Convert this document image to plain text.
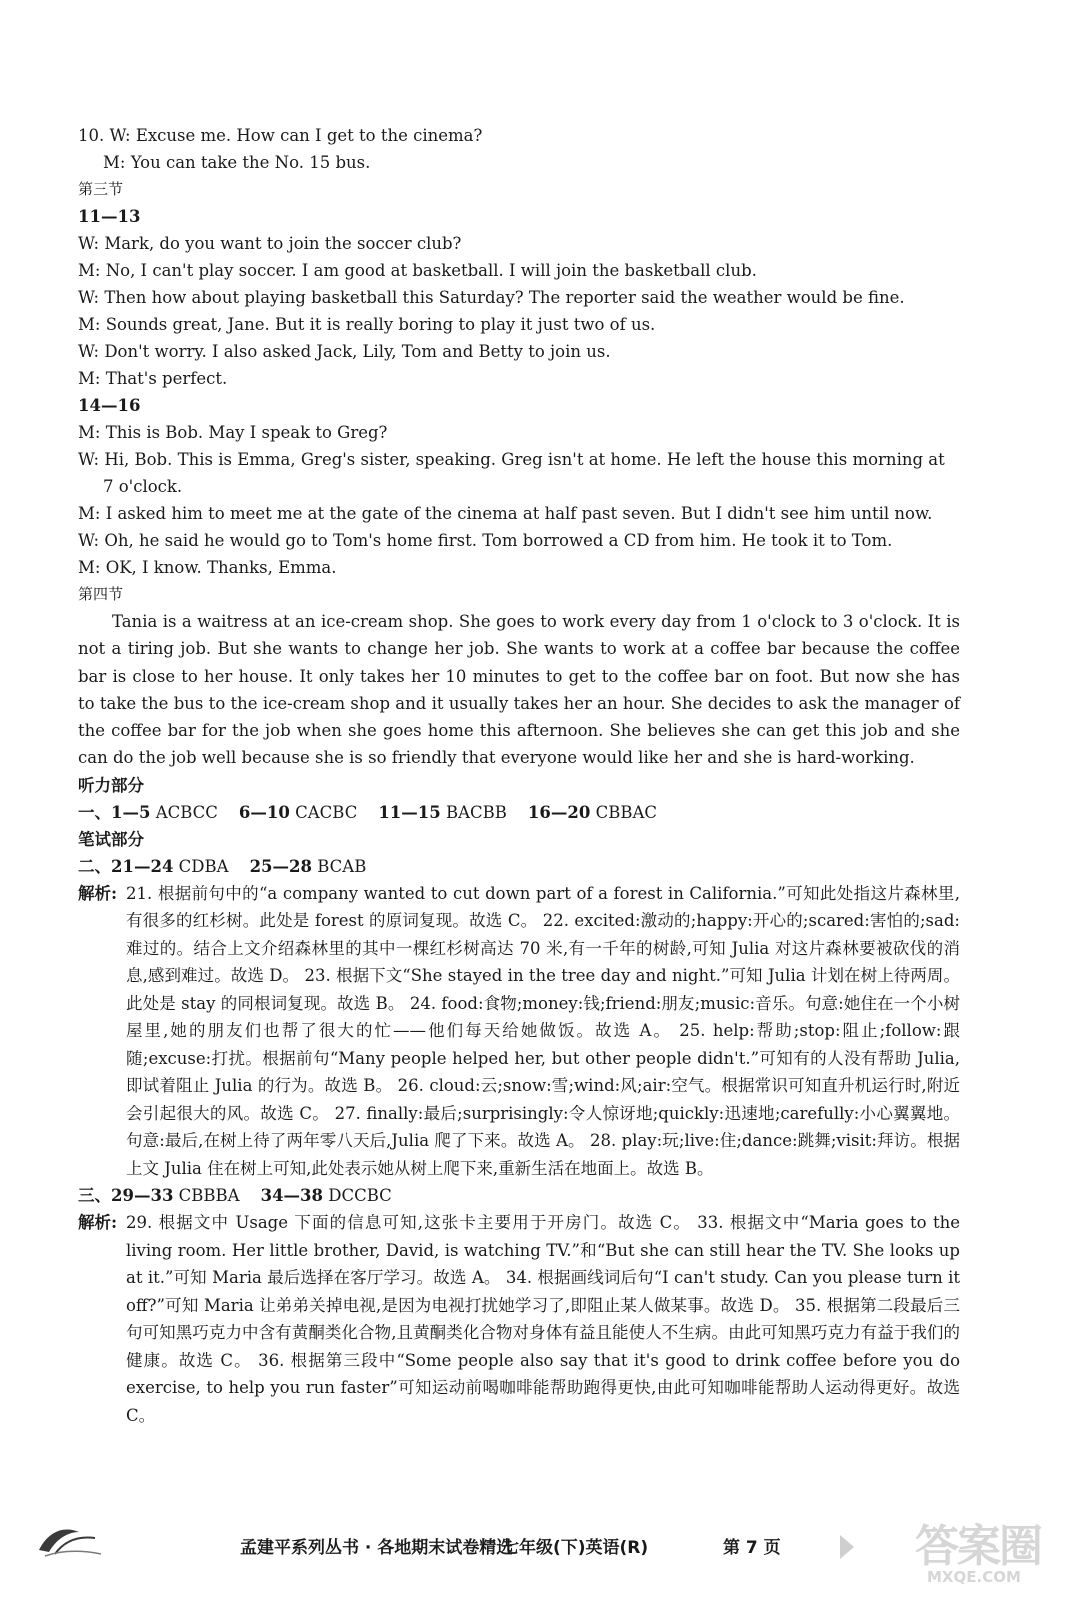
10. W: Excuse me. How can I get to the cinema?

M: You can take the No. 15 bus.

第三节

11—13

W: Mark, do you want to join the soccer club?

M: No, I can't play soccer. I am good at basketball. I will join the basketball club.

W: Then how about playing basketball this Saturday? The reporter said the weather would be fine.

M: Sounds great, Jane. But it is really boring to play it just two of us.

W: Don't worry. I also asked Jack, Lily, Tom and Betty to join us.

M: That's perfect.

14—16

M: This is Bob. May I speak to Greg?

W: Hi, Bob. This is Emma, Greg's sister, speaking. Greg isn't at home. He left the house this morning at

7 o'clock.

M: I asked him to meet me at the gate of the cinema at half past seven. But I didn't see him until now.

W: Oh, he said he would go to Tom's home first. Tom borrowed a CD from him. He took it to Tom.

M: OK, I know. Thanks, Emma.

第四节

Tania is a waitress at an ice-cream shop. She goes to work every day from 1 o'clock to 3 o'clock. It is not a tiring job. But she wants to change her job. She wants to work at a coffee bar because the coffee bar is close to her house. It only takes her 10 minutes to get to the coffee bar on foot. But now she has to take the bus to the ice-cream shop and it usually takes her an hour. She decides to ask the manager of the coffee bar for the job when she goes home this afternoon. She believes she can get this job and she can do the job well because she is so friendly that everyone would like her and she is hard-working.

听力部分

一、1—5 ACBCC 6—10 CACBC 11—15 BACBB 16—20 CBBAC

笔试部分

二、21—24 CDBA 25—28 BCAB

解析: 21. 根据前句中的“a company wanted to cut down part of a forest in California.”可知此处指这片森林里,有很多的红杉树。此处是 forest 的原词复现。故选 C。 22. excited:激动的;happy:开心的;scared:害怕的;sad:难过的。结合上文介绍森林里的其中一棵红杉树高达 70 米,有一千年的树龄,可知 Julia 对这片森林要被砍伐的消息,感到难过。故选 D。 23. 根据下文“She stayed in the tree day and night.”可知 Julia 计划在树上待两周。此处是 stay 的同根词复现。故选 B。 24. food:食物;money:钱;friend:朋友;music:音乐。句意:她住在一个小树屋里,她的朋友们也帮了很大的忙——他们每天给她做饭。故选 A。 25. help:帮助;stop:阻止;follow:跟随;excuse:打扰。根据前句“Many people helped her, but other people didn't.”可知有的人没有帮助 Julia,即试着阻止 Julia 的行为。故选 B。 26. cloud:云;snow:雪;wind:风;air:空气。根据常识可知直升机运行时,附近会引起很大的风。故选 C。 27. finally:最后;surprisingly:令人惊讶地;quickly:迅速地;carefully:小心翼翼地。句意:最后,在树上待了两年零八天后,Julia 爬了下来。故选 A。 28. play:玩;live:住;dance:跳舞;visit:拜访。根据上文 Julia 住在树上可知,此处表示她从树上爬下来,重新生活在地面上。故选 B。

三、29—33 CBBBA 34—38 DCCBC

解析: 29. 根据文中 Usage 下面的信息可知,这张卡主要用于开房门。故选 C。 33. 根据文中“Maria goes to the living room. Her little brother, David, is watching TV.”和“But she can still hear the TV. She looks up at it.”可知 Maria 最后选择在客厅学习。故选 A。 34. 根据画线词后句“I can't study. Can you please turn it off?”可知 Maria 让弟弟关掉电视,是因为电视打扰她学习了,即阻止某人做某事。故选 D。 35. 根据第二段最后三句可知黑巧克力中含有黄酮类化合物,且黄酮类化合物对身体有益且能使人不生病。由此可知黑巧克力有益于我们的健康。故选 C。 36. 根据第三段中“Some people also say that it's good to drink coffee before you do exercise, to help you run faster”可知运动前喝咖啡能帮助跑得更快,由此可知咖啡能帮助人运动得更好。故选 C。

孟建平系列丛书 · 各地期末试卷精选
七年级(下)英语(R)	第 7 页	答案圈
MXQE.COM
